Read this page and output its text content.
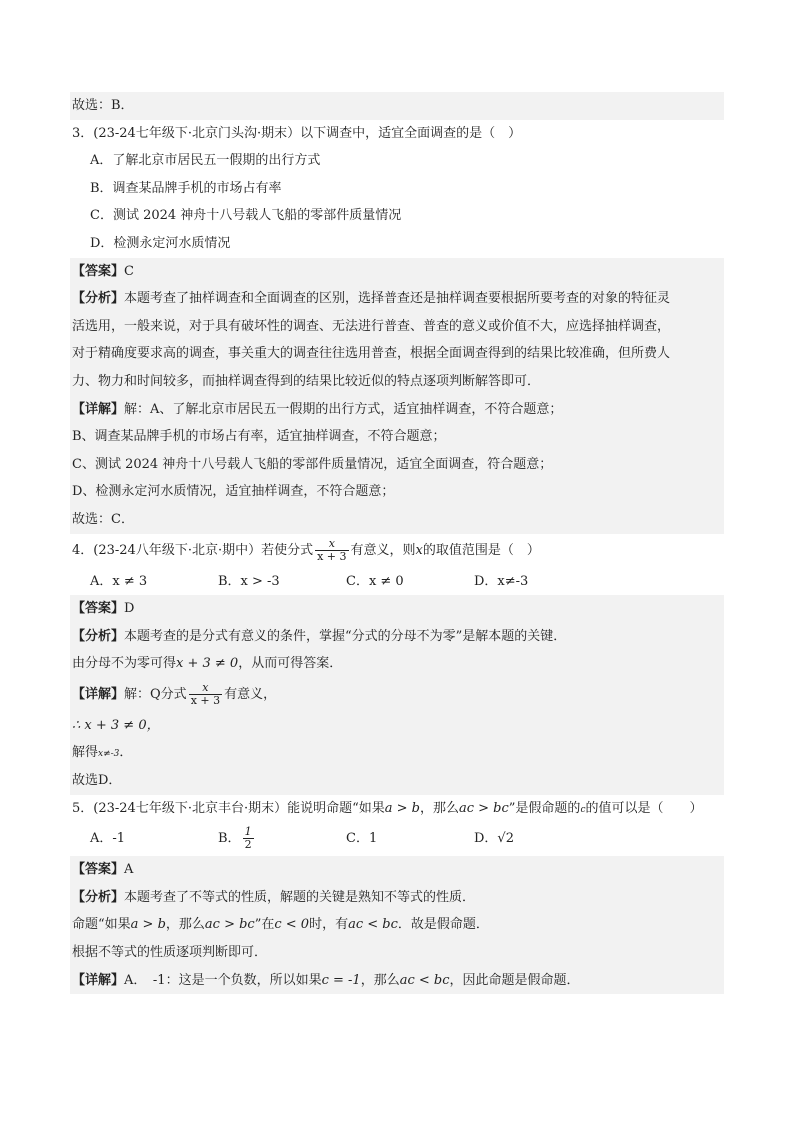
故选：B．
3．(23-24七年级下·北京门头沟·期末）以下调查中，适宜全面调查的是（　）
A．了解北京市居民五一假期的出行方式
B．调查某品牌手机的市场占有率
C．测试 2024 神舟十八号载人飞船的零部件质量情况
D．检测永定河水质情况
【答案】C
【分析】本题考查了抽样调查和全面调查的区别，选择普查还是抽样调查要根据所要考查的对象的特征灵
活选用，一般来说，对于具有破坏性的调查、无法进行普查、普查的意义或价值不大，应选择抽样调查，
对于精确度要求高的调查，事关重大的调查往往选用普查，根据全面调查得到的结果比较准确，但所费人
力、物力和时间较多，而抽样调查得到的结果比较近似的特点逐项判断解答即可．
【详解】解：A、了解北京市居民五一假期的出行方式，适宜抽样调查，不符合题意；
B、调查某品牌手机的市场占有率，适宜抽样调查，不符合题意；
C、测试 2024 神舟十八号载人飞船的零部件质量情况，适宜全面调查，符合题意；
D、检测永定河水质情况，适宜抽样调查，不符合题意；
故选：C．
4．(23-24八年级下·北京·期中）若使分式 $\frac{x}{x + 3}$ 有意义，则x的取值范围是（　）
A．x ≠ 3	B．x > -3	C．x ≠ 0	D．x≠-3
【答案】D
【分析】本题考查的是分式有意义的条件，掌握“分式的分母不为零”是解本题的关键．
由分母不为零可得x + 3 ≠ 0，从而可得答案．
【详解】解：Q分式 $\frac{x}{x + 3}$ 有意义，
∴ x + 3 ≠ 0，
解得x≠-3．
故选D．
5．(23-24七年级下·北京丰台·期末）能说明命题“如果a > b，那么ac > bc”是假命题的c的值可以是（　　）
A．-1	B． $\frac{1}{2}$	C．1	D．√2
【答案】A
【分析】本题考查了不等式的性质，解题的关键是熟知不等式的性质．
命题“如果a > b，那么ac > bc”在c < 0时，有ac < bc．故是假命题．
根据不等式的性质逐项判断即可．
【详解】A．　-1：这是一个负数，所以如果c = -1，那么ac < bc，因此命题是假命题．
